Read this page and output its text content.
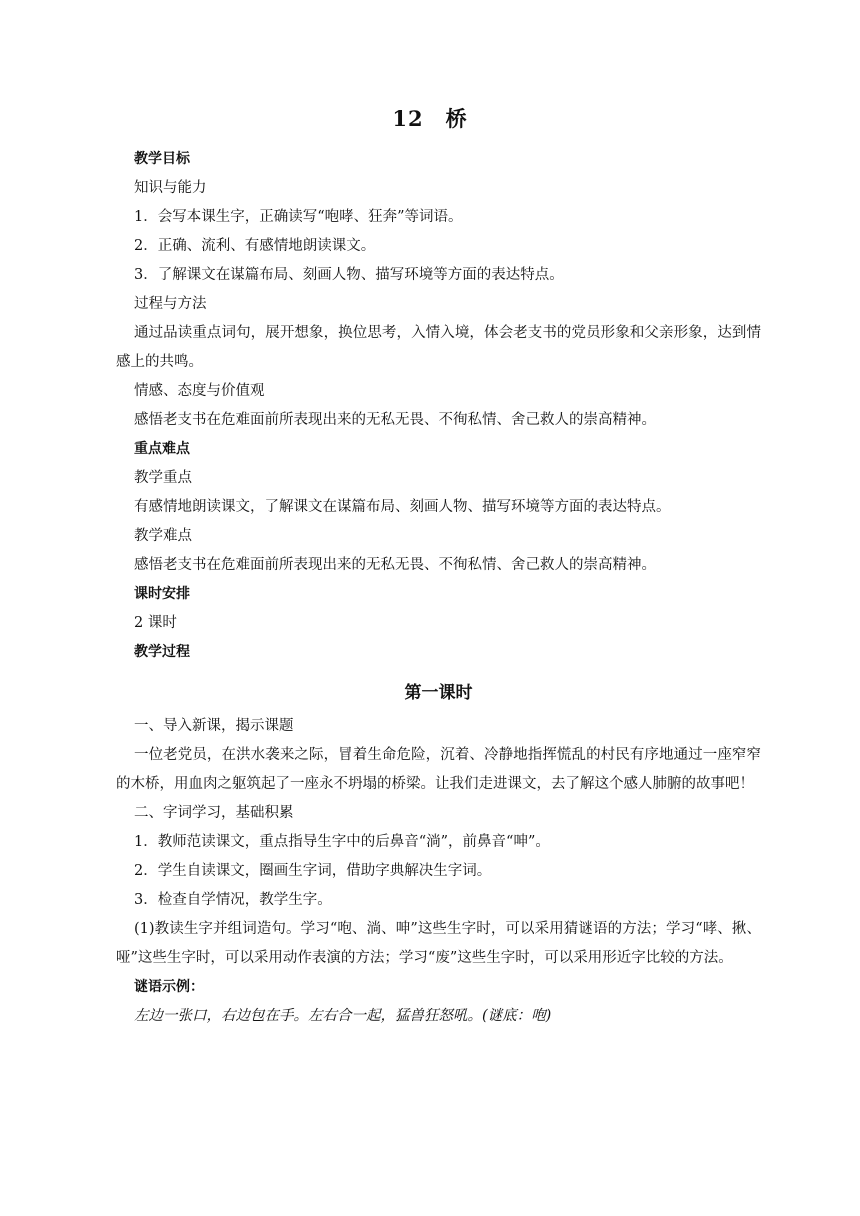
12 桥
教学目标
知识与能力
1．会写本课生字，正确读写“咆哮、狂奔”等词语。
2．正确、流利、有感情地朗读课文。
3．了解课文在谋篇布局、刻画人物、描写环境等方面的表达特点。
过程与方法
通过品读重点词句，展开想象，换位思考，入情入境，体会老支书的党员形象和父亲形象，达到情感上的共鸣。
情感、态度与价值观
感悟老支书在危难面前所表现出来的无私无畏、不徇私情、舍己救人的崇高精神。
重点难点
教学重点
有感情地朗读课文，了解课文在谋篇布局、刻画人物、描写环境等方面的表达特点。
教学难点
感悟老支书在危难面前所表现出来的无私无畏、不徇私情、舍己救人的崇高精神。
课时安排
2 课时
教学过程
第一课时
一、导入新课，揭示课题
一位老党员，在洪水袭来之际，冒着生命危险，沉着、冷静地指挥慌乱的村民有序地通过一座窄窄的木桥，用血肉之躯筑起了一座永不坍塌的桥梁。让我们走进课文，去了解这个感人肺腑的故事吧！
二、字词学习，基础积累
1．教师范读课文，重点指导生字中的后鼻音“淌”，前鼻音“呻”。
2．学生自读课文，圈画生字词，借助字典解决生字词。
3．检查自学情况，教学生字。
(1)教读生字并组词造句。学习“咆、淌、呻”这些生字时，可以采用猜谜语的方法；学习“哮、揪、哑”这些生字时，可以采用动作表演的方法；学习“废”这些生字时，可以采用形近字比较的方法。
谜语示例：
左边一张口，右边包在手。左右合一起，猛兽狂怒吼。(谜底：咆)
